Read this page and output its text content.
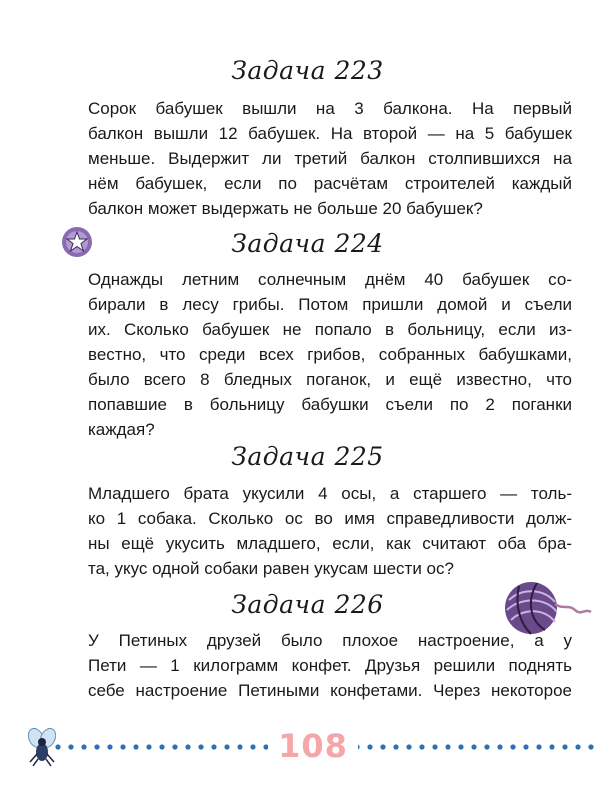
Задача 223
Сорок бабушек вышли на 3 балкона. На первый
балкон вышли 12 бабушек. На второй — на 5 бабушек
меньше. Выдержит ли третий балкон столпившихся на
нём бабушек, если по расчётам строителей каждый
балкон может выдержать не больше 20 бабушек?
Задача 224
Однажды летним солнечным днём 40 бабушек со-
бирали в лесу грибы. Потом пришли домой и съели
их. Сколько бабушек не попало в больницу, если из-
вестно, что среди всех грибов, собранных бабушками,
было всего 8 бледных поганок, и ещё известно, что
попавшие в больницу бабушки съели по 2 поганки
каждая?
Задача 225
Младшего брата укусили 4 осы, а старшего — толь-
ко 1 собака. Сколько ос во имя справедливости долж-
ны ещё укусить младшего, если, как считают оба бра-
та, укус одной собаки равен укусам шести ос?
Задача 226
У Петиных друзей было плохое настроение, а у
Пети — 1 килограмм конфет. Друзья решили поднять
себе настроение Петиными конфетами. Через некоторое
108
